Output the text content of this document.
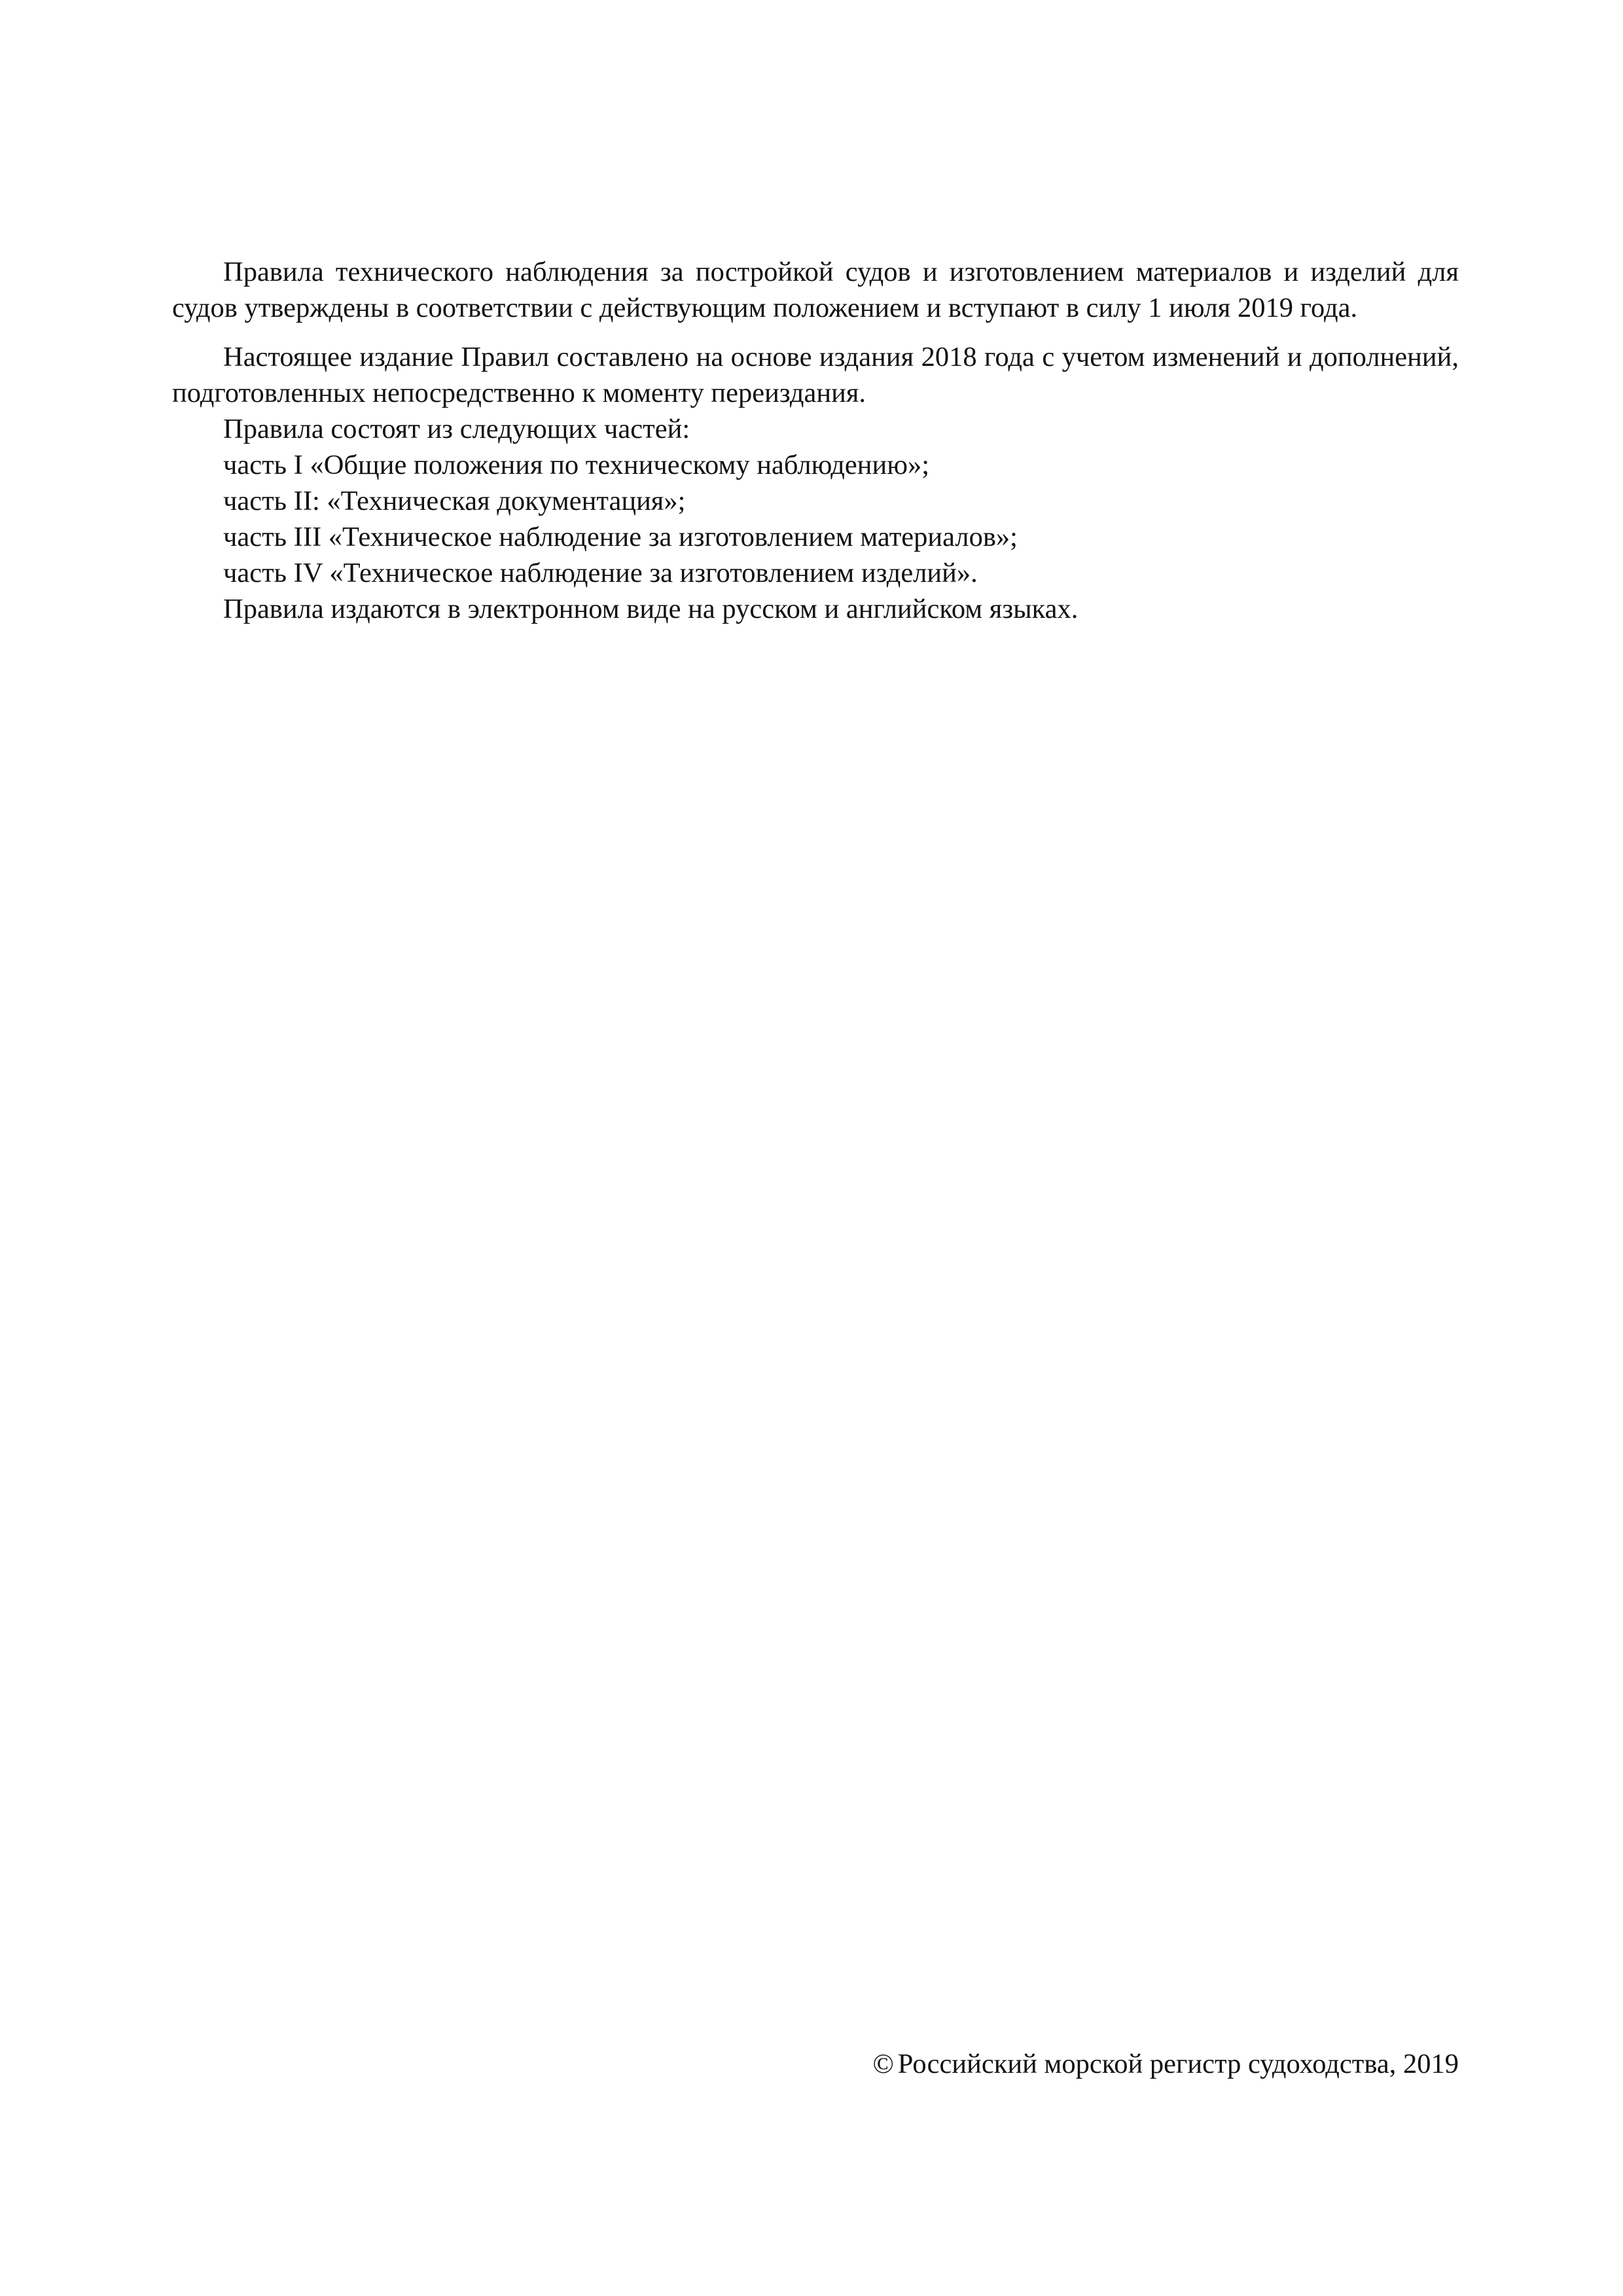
Правила технического наблюдения за постройкой судов и изготовлением материалов и изделий для судов утверждены в соответствии с действующим положением и вступают в силу 1 июля 2019 года.

Настоящее издание Правил составлено на основе издания 2018 года с учетом изменений и дополнений, подготовленных непосредственно к моменту переиздания.

Правила состоят из следующих частей:

часть I «Общие положения по техническому наблюдению»;

часть II: «Техническая документация»;

часть III «Техническое наблюдение за изготовлением материалов»;

часть IV «Техническое наблюдение за изготовлением изделий».

Правила издаются в электронном виде на русском и английском языках.

© Российский морской регистр судоходства, 2019
